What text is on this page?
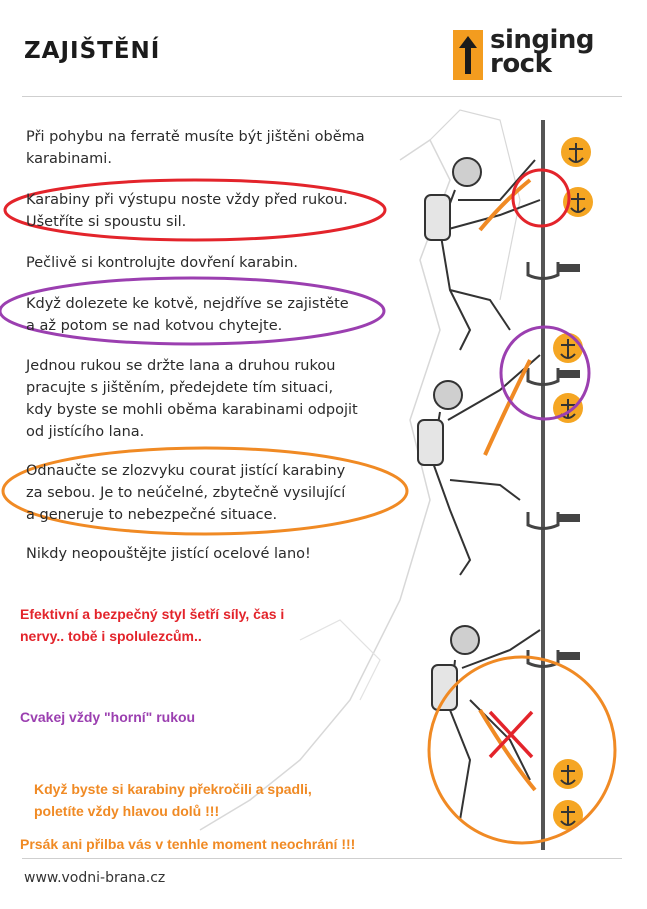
ZAJIŠTĚNÍ	singing
rock
Při pohybu na ferratě musíte být jištěni oběma
karabinami.
Karabiny při výstupu noste vždy před rukou.
Ušetříte si spoustu sil.
Pečlivě si kontrolujte dovření karabin.
Když dolezete ke kotvě, nejdříve se zajistěte
a až potom se nad kotvou chytejte.
Jednou rukou se držte lana a druhou rukou
pracujte s jištěním, předejdete tím situaci,
kdy byste se mohli oběma karabinami odpojit
od jistícího lana.
Odnaučte se zlozvyku courat jistící karabiny
za sebou. Je to neúčelné, zbytečně vysilující
a generuje to nebezpečné situace.
Nikdy neopouštějte jistící ocelové lano!
Efektivní a bezpečný styl šetří síly, čas i
nervy.. tobě i spolulezcům..
Cvakej vždy "horní" rukou
Když byste si karabiny překročili a spadli,
poletíte vždy hlavou dolů !!!
Prsák ani přilba vás v tenhle moment neochrání !!!
www.vodni-brana.cz
